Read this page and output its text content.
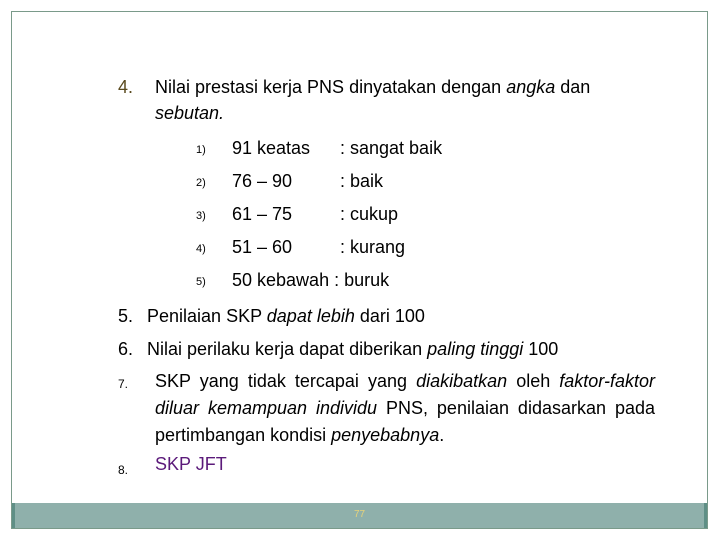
4. Nilai prestasi kerja PNS dinyatakan dengan angka dan
sebutan.
1) 91 keatas : sangat baik
2) 76 – 90	: baik
3) 61 – 75	: cukup
4) 51 – 60	: kurang
5) 50 kebawah : buruk
5. Penilaian SKP dapat lebih dari 100
6. Nilai perilaku kerja dapat diberikan paling tinggi 100
7. SKP yang tidak tercapai yang diakibatkan oleh faktor-faktor diluar kemampuan individu PNS, penilaian didasarkan pada pertimbangan kondisi penyebabnya.
8. SKP JFT
77
